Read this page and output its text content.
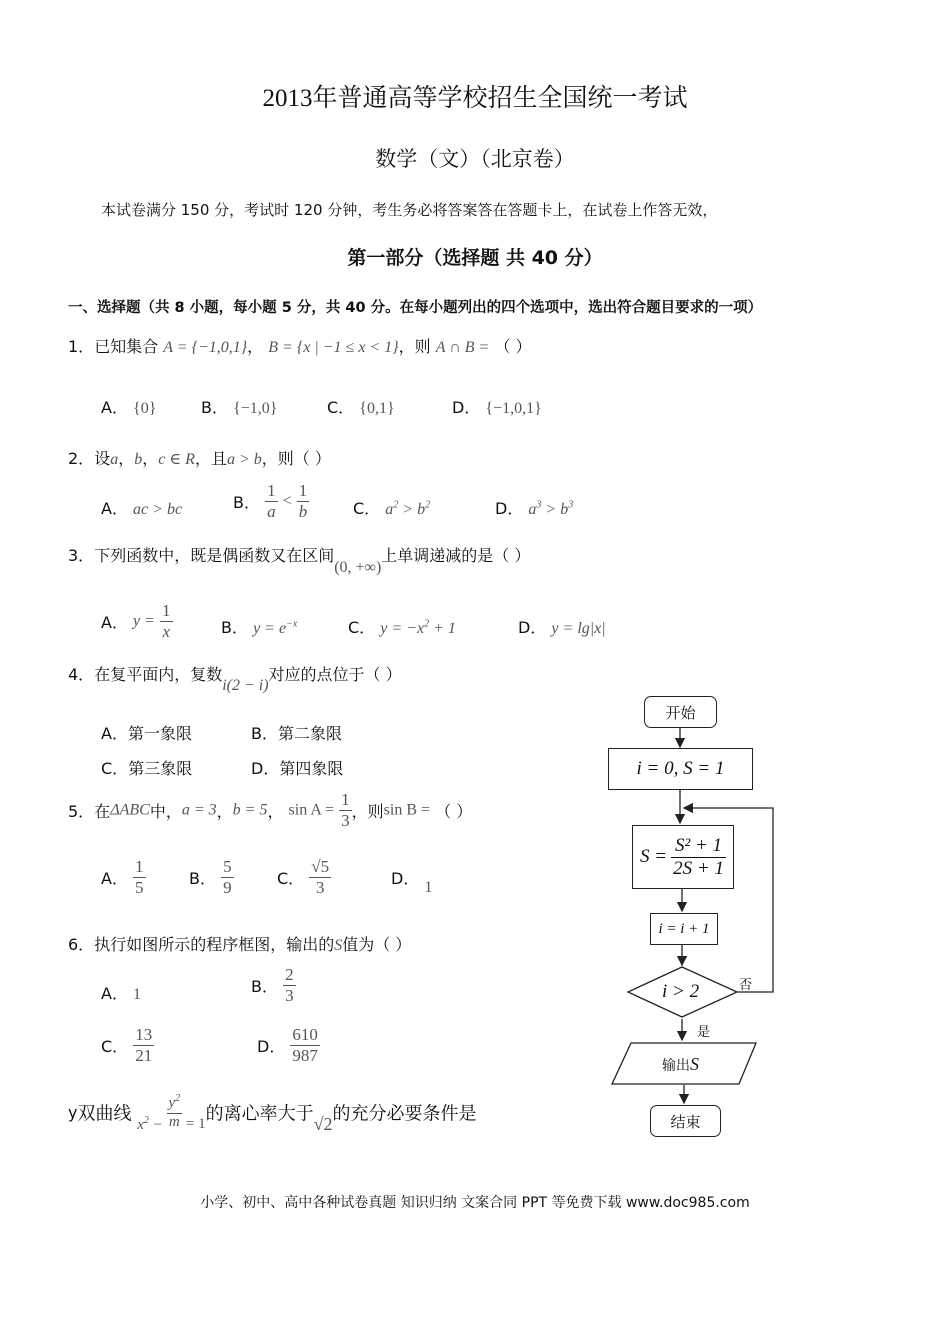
2013年普通高等学校招生全国统一考试
数学（文）（北京卷）
本试卷满分 150 分，考试时 120 分钟，考生务必将答案答在答题卡上，在试卷上作答无效，
第一部分（选择题 共 40 分）
一、选择题（共 8 小题，每小题 5 分，共 40 分。在每小题列出的四个选项中，选出符合题目要求的一项）
1．已知集合 A = {−1,0,1}， B = {x | −1 ≤ x < 1}，则 A ∩ B = （ ）
A． {0}	B． {−1,0}	C． {0,1}	D． {−1,0,1}
2．设a，b，c ∈ R，且a > b，则（ ）
A． ac > bc	B． $\frac{1}{a} < \frac{1}{b}$	C． $a^2 > b^2$	D． $a^3 > b^3$
3．下列函数中，既是偶函数又在区间(0, +∞)上单调递减的是（ ）
A． $y = \frac{1}{x}$	B． $y = e^{-x}$	C． $y = -x^2 + 1$	D． y = lg|x|
4．在复平面内，复数i(2 − i)对应的点位于（ ）
A．第一象限	B．第二象限
C．第三象限	D．第四象限
5．在ΔABC中，a = 3，b = 5， $\sin A = \frac{1}{3}$ ，则sin B = （ ）
A． $\frac{1}{5}$	B． $\frac{5}{9}$	C． $\frac{√5}{3}$	D． 1
6．执行如图所示的程序框图，输出的S值为（ ）
A． 1	B． $\frac{2}{3}$
C． $\frac{13}{21}$	D． $\frac{610}{987}$
y双曲线 $_{x^2 -} \frac{y^2}{m} _{= 1}$的离心率大于√2的充分必要条件是
开始
i = 0, S = 1
$S = \frac{\text{S² + 1}}{2S + 1}$
i = i + 1
i > 2	否
是
输出S
结束
小学、初中、高中各种试卷真题 知识归纳 文案合同 PPT 等免费下载 www.doc985.com
